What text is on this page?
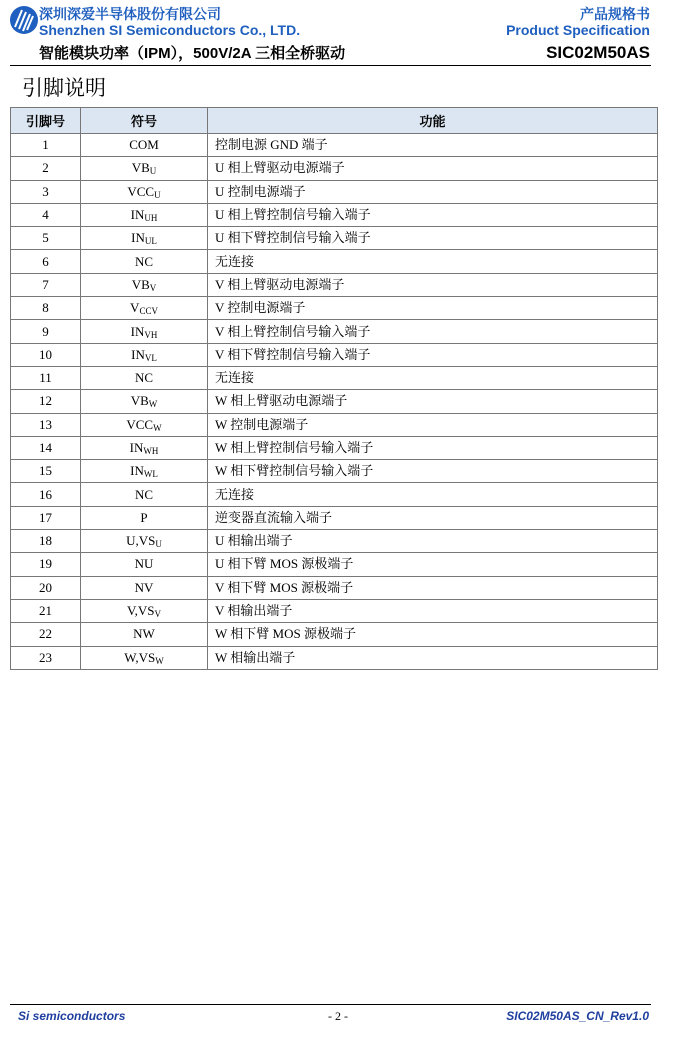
深圳深爱半导体股份有限公司
Shenzhen SI Semiconductors Co., LTD.
智能模块功率（IPM），500V/2A 三相全桥驱动
产品规格书
Product Specification
SIC02M50AS
引脚说明
引脚号	符号	功能
1	COM	控制电源 GND 端子
2	$VB_U$	U 相上臂驱动电源端子
3	$VCC_U$	U 控制电源端子
4	$IN_{UH}$	U 相上臂控制信号输入端子
5	$IN_{UL}$	U 相下臂控制信号输入端子
6	NC	无连接
7	$VB_V$	V 相上臂驱动电源端子
8	$V_{CCV}$	V 控制电源端子
9	$IN_{VH}$	V 相上臂控制信号输入端子
10	$IN_{VL}$	V 相下臂控制信号输入端子
11	NC	无连接
12	$VB_W$	W 相上臂驱动电源端子
13	$VCC_W$	W 控制电源端子
14	$IN_{WH}$	W 相上臂控制信号输入端子
15	$IN_{WL}$	W 相下臂控制信号输入端子
16	NC	无连接
17	P	逆变器直流输入端子
18	$U,VS_U$	U 相输出端子
19	NU	U 相下臂 MOS 源极端子
20	NV	V 相下臂 MOS 源极端子
21	$V,VS_V$	V 相输出端子
22	NW	W 相下臂 MOS 源极端子
23	$W,VS_W$	W 相输出端子
Si semiconductors	- 2 -	SIC02M50AS_CN_Rev1.0
